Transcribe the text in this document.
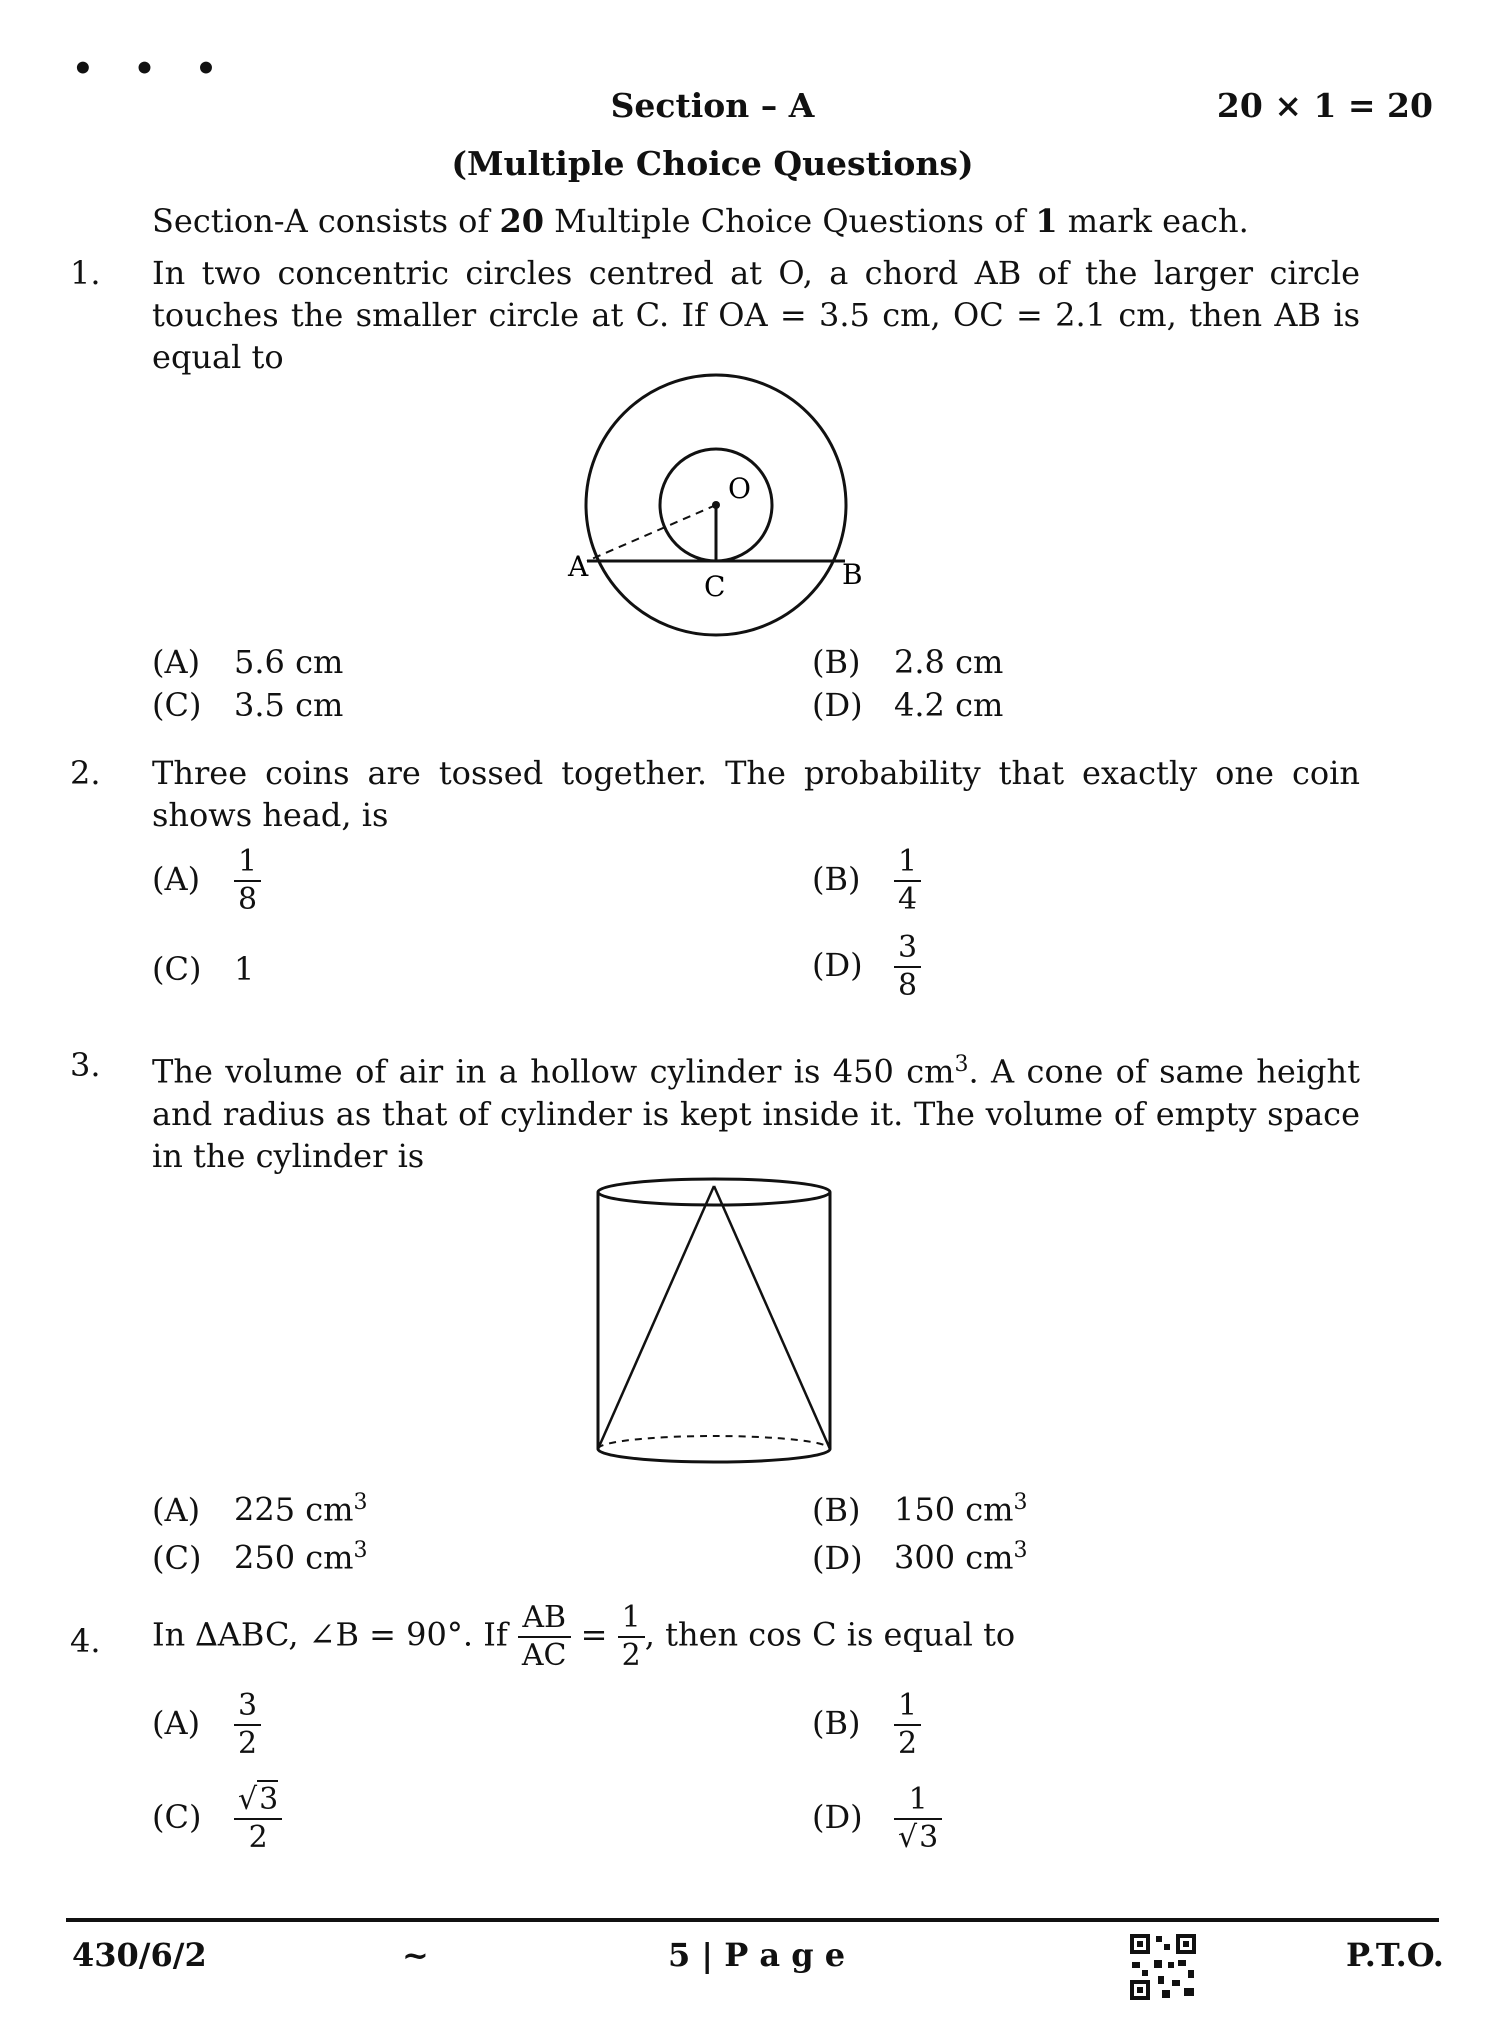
• • •
Section – A	20 × 1 = 20
(Multiple Choice Questions)
Section-A consists of 20 Multiple Choice Questions of 1 mark each.
1. In two concentric circles centred at O, a chord AB of the larger circle touches the smaller circle at C. If OA = 3.5 cm, OC = 2.1 cm, then AB is equal to
O
A	B
C
(A) 5.6 cm	(B) 2.8 cm
(C) 3.5 cm	(D) 4.2 cm
2. Three coins are tossed together. The probability that exactly one coin shows head, is
$(A) \frac{1}{8}$	$(B) \frac{1}{4}$
(C) 1	$(D) \frac{3}{8}$
3. The volume of air in a hollow cylinder is 450 $cm^3$. A cone of same height and radius as that of cylinder is kept inside it. The volume of empty space in the cylinder is
(A) 225 $cm^3$	(B) 150 $cm^3$
(C) 250 $cm^3$	(D) 300 $cm^3$
4. In ∆ABC, ∠B = 90°. If $\frac{AB}{AC} = \frac{1}{2}$ , then cos C is equal to
$(A) \frac{3}{2}$	$(B) \frac{1}{2}$
$(C) \frac{√3}{2}$	$(D) \frac{1}{√3}$
430/6/2	~	5 | P a g e	P.T.O.
